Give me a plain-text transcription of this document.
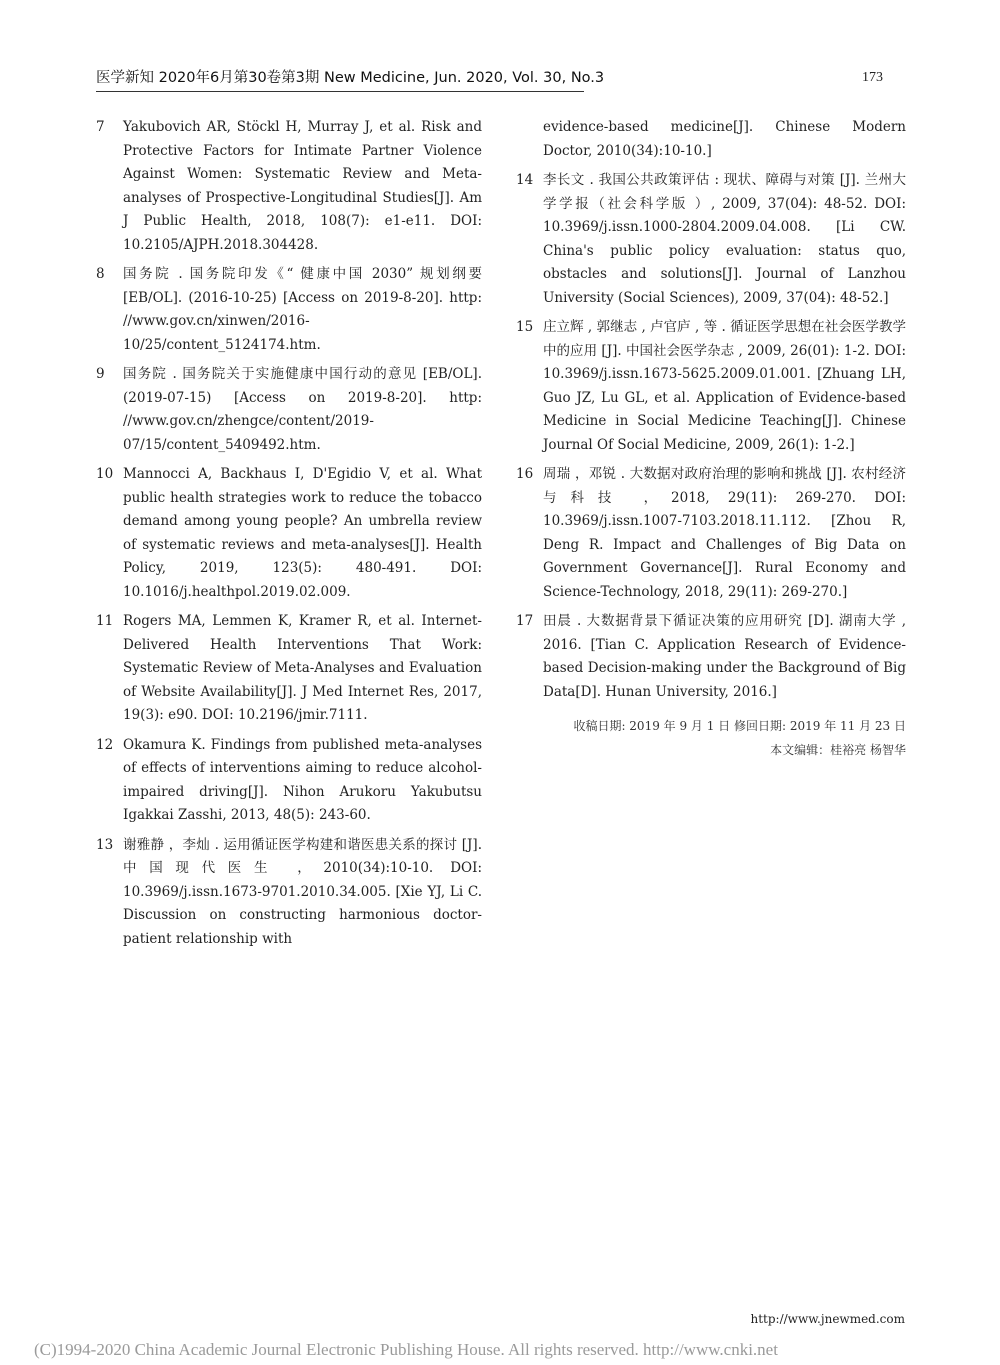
医学新知 2020年6月第30卷第3期 New Medicine, Jun. 2020, Vol. 30, No.3	173
7 Yakubovich AR, Stöckl H, Murray J, et al. Risk and Protective Factors for Intimate Partner Violence Against Women: Systematic Review and Meta-analyses of Prospective-Longitudinal Studies[J]. Am J Public Health, 2018, 108(7): e1-e11. DOI: 10.2105/AJPH.2018.304428.
8 国务院 . 国务院印发《“ 健康中国 2030” 规划纲要 [EB/OL]. (2016-10-25) [Access on 2019-8-20]. http: //www.gov.cn/xinwen/2016-10/25/content_5124174.htm.
9 国务院 . 国务院关于实施健康中国行动的意见 [EB/OL]. (2019-07-15) [Access on 2019-8-20]. http: //www.gov.cn/zhengce/content/2019-07/15/content_5409492.htm.
10 Mannocci A, Backhaus I, D'Egidio V, et al. What public health strategies work to reduce the tobacco demand among young people? An umbrella review of systematic reviews and meta-analyses[J]. Health Policy, 2019, 123(5): 480-491. DOI: 10.1016/j.healthpol.2019.02.009.
11 Rogers MA, Lemmen K, Kramer R, et al. Internet-Delivered Health Interventions That Work: Systematic Review of Meta-Analyses and Evaluation of Website Availability[J]. J Med Internet Res, 2017, 19(3): e90. DOI: 10.2196/jmir.7111.
12 Okamura K. Findings from published meta-analyses of effects of interventions aiming to reduce alcohol-impaired driving[J]. Nihon Arukoru Yakubutsu Igakkai Zasshi, 2013, 48(5): 243-60.
13 谢雅静 ，李灿 . 运用循证医学构建和谐医患关系的探讨 [J]. 中国现代医生 ，2010(34):10-10. DOI: 10.3969/j.issn.1673-9701.2010.34.005. [Xie YJ, Li C. Discussion on constructing harmonious doctor-patient relationship with
evidence-based medicine[J]. Chinese Modern Doctor, 2010(34):10-10.]
14 李长文 . 我国公共政策评估 : 现状、障碍与对策 [J]. 兰州大学学报（社会科学版 ）, 2009, 37(04): 48-52. DOI: 10.3969/j.issn.1000-2804.2009.04.008. [Li CW. China's public policy evaluation: status quo, obstacles and solutions[J]. Journal of Lanzhou University (Social Sciences), 2009, 37(04): 48-52.]
15 庄立辉 , 郭继志 , 卢官庐 , 等 . 循证医学思想在社会医学教学中的应用 [J]. 中国社会医学杂志 , 2009, 26(01): 1-2. DOI: 10.3969/j.issn.1673-5625.2009.01.001. [Zhuang LH, Guo JZ, Lu GL, et al. Application of Evidence-based Medicine in Social Medicine Teaching[J]. Chinese Journal Of Social Medicine, 2009, 26(1): 1-2.]
16 周瑞 ，邓锐 . 大数据对政府治理的影响和挑战 [J]. 农村经济与科技 ，2018, 29(11): 269-270. DOI: 10.3969/j.issn.1007-7103.2018.11.112. [Zhou R, Deng R. Impact and Challenges of Big Data on Government Governance[J]. Rural Economy and Science-Technology, 2018, 29(11): 269-270.]
17 田晨 . 大数据背景下循证决策的应用研究 [D]. 湖南大学 , 2016. [Tian C. Application Research of Evidence-based Decision-making under the Background of Big Data[D]. Hunan University, 2016.]
收稿日期: 2019 年 9 月 1 日 修回日期: 2019 年 11 月 23 日
本文编辑：桂裕亮 杨智华
http://www.jnewmed.com
(C)1994-2020 China Academic Journal Electronic Publishing House. All rights reserved. http://www.cnki.net
